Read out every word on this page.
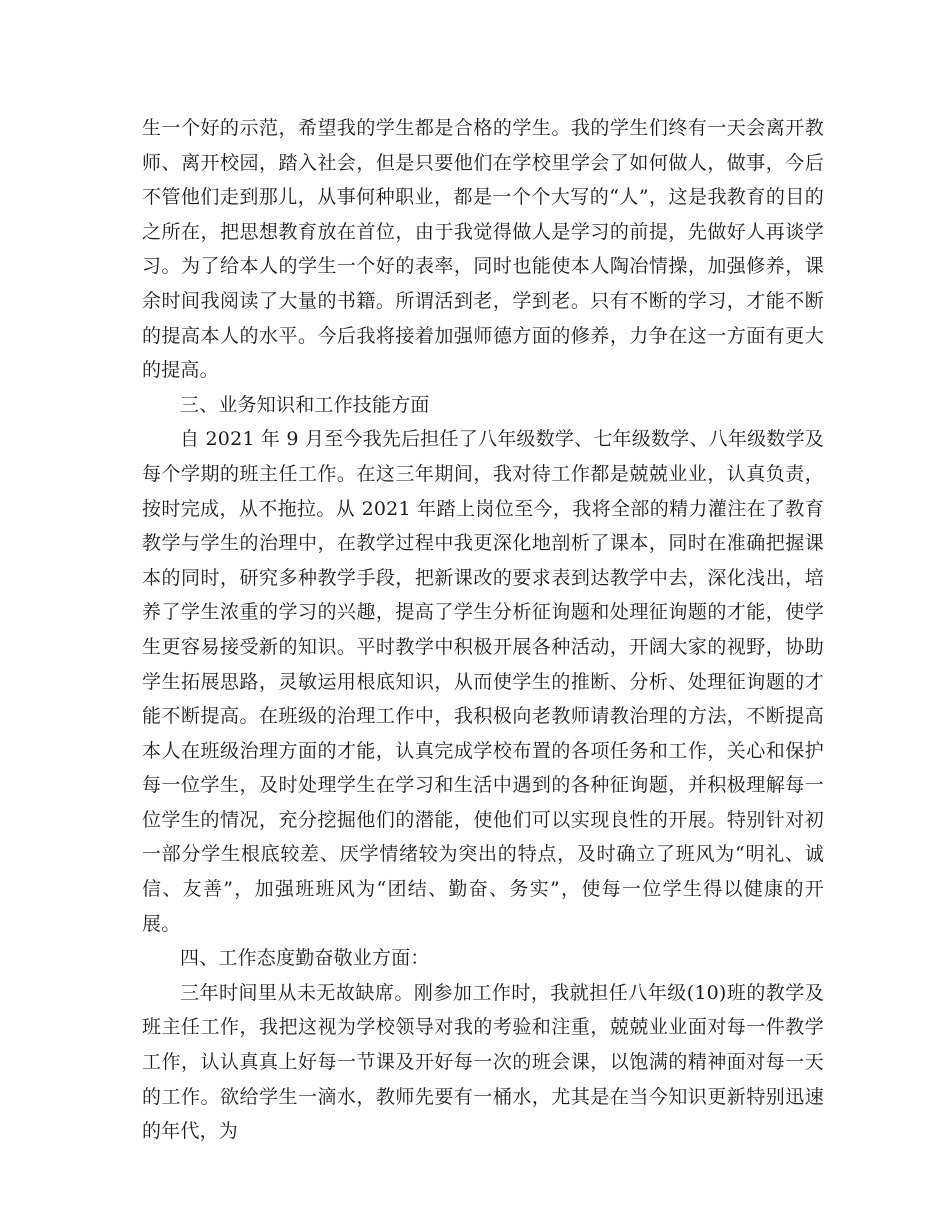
生一个好的示范，希望我的学生都是合格的学生。我的学生们终有一天会离开教师、离开校园，踏入社会，但是只要他们在学校里学会了如何做人，做事，今后不管他们走到那儿，从事何种职业，都是一个个大写的“人”，这是我教育的目的之所在，把思想教育放在首位，由于我觉得做人是学习的前提，先做好人再谈学习。为了给本人的学生一个好的表率，同时也能使本人陶冶情操，加强修养，课余时间我阅读了大量的书籍。所谓活到老，学到老。只有不断的学习，才能不断的提高本人的水平。今后我将接着加强师德方面的修养，力争在这一方面有更大的提高。

三、业务知识和工作技能方面

自 2021 年 9 月至今我先后担任了八年级数学、七年级数学、八年级数学及每个学期的班主任工作。在这三年期间，我对待工作都是兢兢业业，认真负责，按时完成，从不拖拉。从 2021 年踏上岗位至今，我将全部的精力灌注在了教育教学与学生的治理中，在教学过程中我更深化地剖析了课本，同时在准确把握课本的同时，研究多种教学手段，把新课改的要求表到达教学中去，深化浅出，培养了学生浓重的学习的兴趣，提高了学生分析征询题和处理征询题的才能，使学生更容易接受新的知识。平时教学中积极开展各种活动，开阔大家的视野，协助学生拓展思路，灵敏运用根底知识，从而使学生的推断、分析、处理征询题的才能不断提高。在班级的治理工作中，我积极向老教师请教治理的方法，不断提高本人在班级治理方面的才能，认真完成学校布置的各项任务和工作，关心和保护每一位学生，及时处理学生在学习和生活中遇到的各种征询题，并积极理解每一位学生的情况，充分挖掘他们的潜能，使他们可以实现良性的开展。特别针对初一部分学生根底较差、厌学情绪较为突出的特点，及时确立了班风为“明礼、诚信、友善”，加强班班风为“团结、勤奋、务实”，使每一位学生得以健康的开展。

四、工作态度勤奋敬业方面：

三年时间里从未无故缺席。刚参加工作时，我就担任八年级(10)班的教学及班主任工作，我把这视为学校领导对我的考验和注重，兢兢业业面对每一件教学工作，认认真真上好每一节课及开好每一次的班会课，以饱满的精神面对每一天的工作。欲给学生一滴水，教师先要有一桶水，尤其是在当今知识更新特别迅速的年代，为
